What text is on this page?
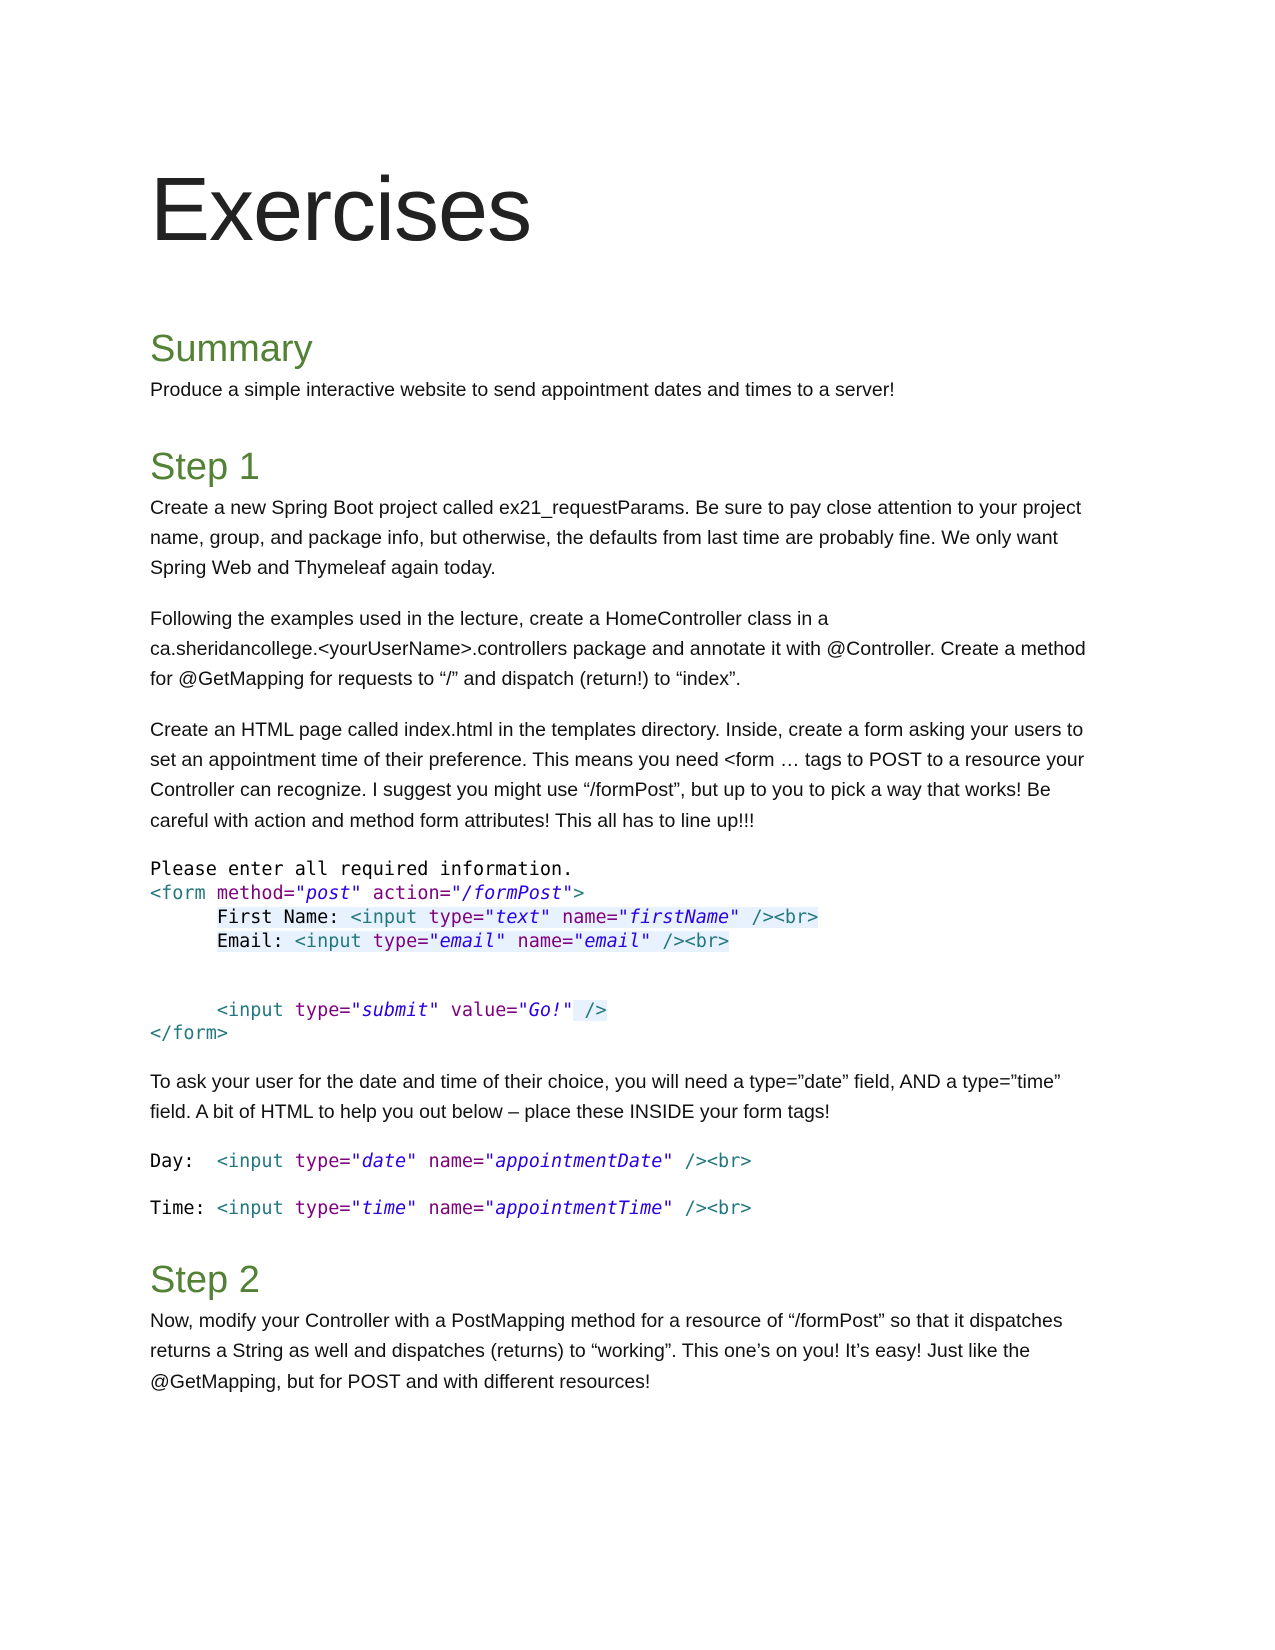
Exercises
Summary

Produce a simple interactive website to send appointment dates and times to a server!

Step 1

Create a new Spring Boot project called ex21_requestParams. Be sure to pay close attention to your project

name, group, and package info, but otherwise, the defaults from last time are probably fine. We only want

Spring Web and Thymeleaf again today.

Following the examples used in the lecture, create a HomeController class in a

ca.sheridancollege.<yourUserName>.controllers package and annotate it with @Controller. Create a method

for @GetMapping for requests to “/” and dispatch (return!) to “index”.

Create an HTML page called index.html in the templates directory. Inside, create a form asking your users to

set an appointment time of their preference. This means you need <form … tags to POST to a resource your

Controller can recognize. I suggest you might use “/formPost”, but up to you to pick a way that works! Be

careful with action and method form attributes! This all has to line up!!!

Please enter all required information.
<form method="post" action="/formPost">
First Name: <input type="text" name="firstName" /><br>
Email: <input type="email" name="email" /><br>
<input type="submit" value="Go!" />
</form>

To ask your user for the date and time of their choice, you will need a type=”date” field, AND a type=”time”

field. A bit of HTML to help you out below – place these INSIDE your form tags!

Day:  <input type="date" name="appointmentDate" /><br>
Time: <input type="time" name="appointmentTime" /><br>
Step 2

Now, modify your Controller with a PostMapping method for a resource of “/formPost” so that it dispatches

returns a String as well and dispatches (returns) to “working”. This one’s on you! It’s easy! Just like the

@GetMapping, but for POST and with different resources!
